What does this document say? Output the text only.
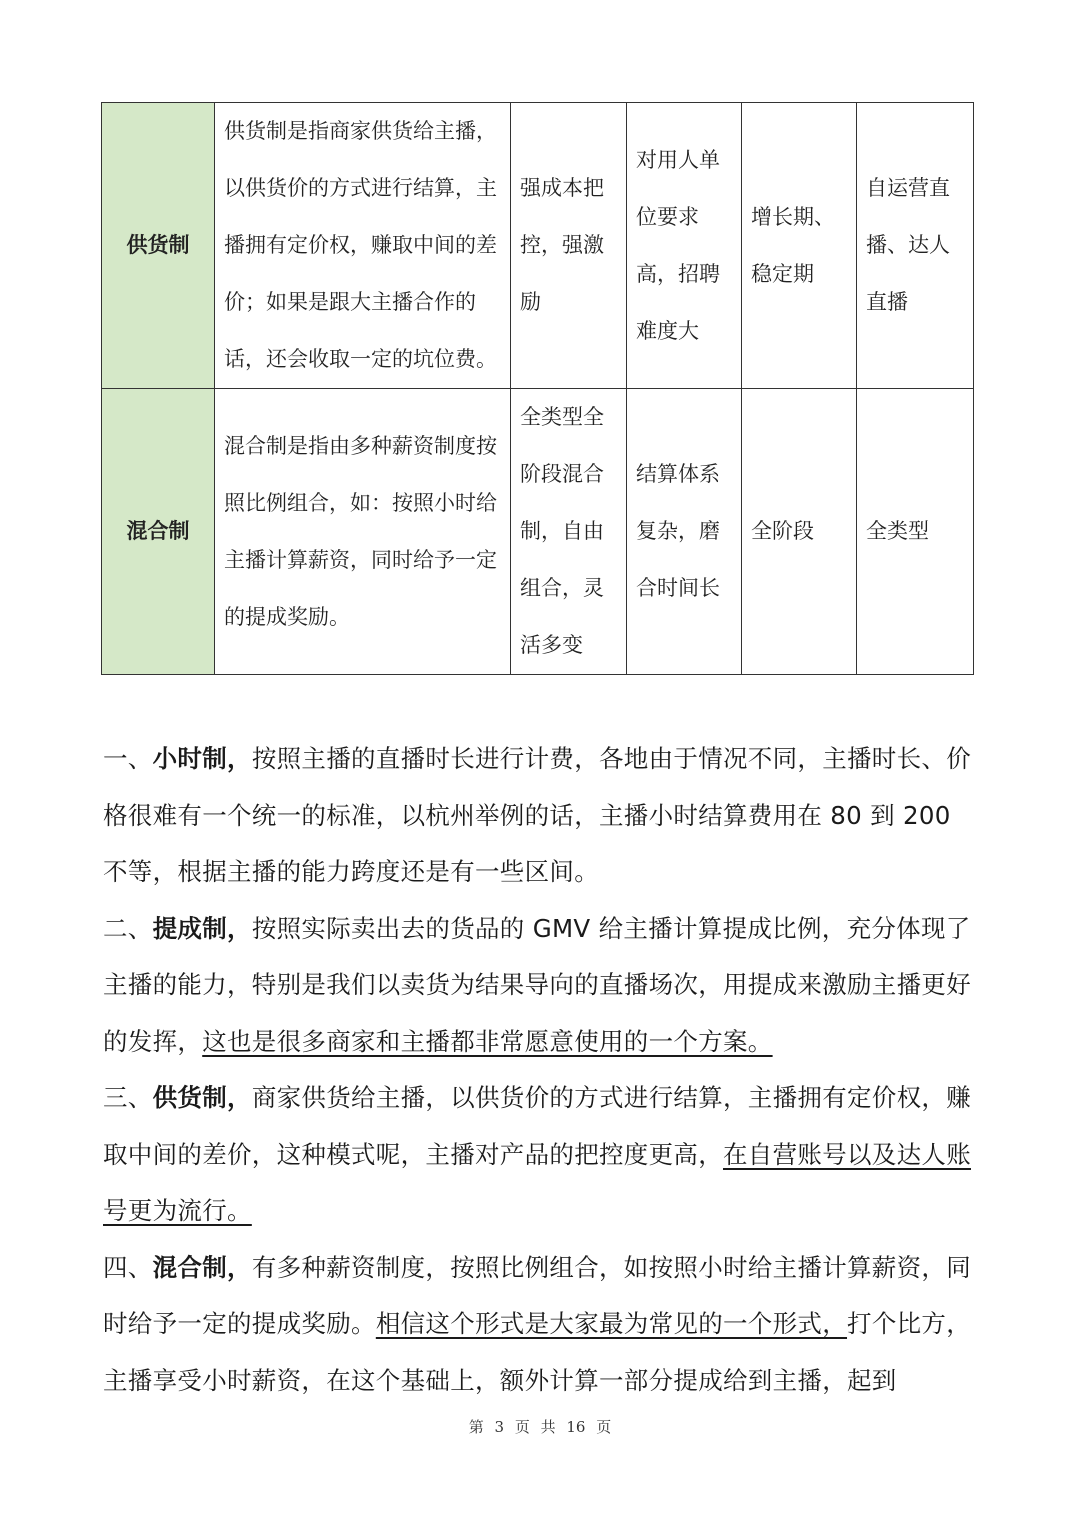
供货制	供货制是指商家供货给主播，以供货价的方式进行结算，主播拥有定价权，赚取中间的差价；如果是跟大主播合作的话，还会收取一定的坑位费。	强成本把控，强激励	对用人单位要求高，招聘难度大	增长期、稳定期	自运营直播、达人直播
混合制	混合制是指由多种薪资制度按照比例组合，如：按照小时给主播计算薪资，同时给予一定的提成奖励。	全类型全阶段混合制，自由组合，灵活多变	结算体系复杂，磨合时间长	全阶段	全类型

一、小时制，按照主播的直播时长进行计费，各地由于情况不同，主播时长、价格很难有一个统一的标准，以杭州举例的话，主播小时结算费用在 80 到 200 不等，根据主播的能力跨度还是有一些区间。

二、提成制，按照实际卖出去的货品的 GMV 给主播计算提成比例，充分体现了主播的能力，特别是我们以卖货为结果导向的直播场次，用提成来激励主播更好的发挥，这也是很多商家和主播都非常愿意使用的一个方案。

三、供货制，商家供货给主播，以供货价的方式进行结算，主播拥有定价权，赚取中间的差价，这种模式呢，主播对产品的把控度更高，在自营账号以及达人账号更为流行。

四、混合制，有多种薪资制度，按照比例组合，如按照小时给主播计算薪资，同时给予一定的提成奖励。相信这个形式是大家最为常见的一个形式，打个比方，主播享受小时薪资，在这个基础上，额外计算一部分提成给到主播，起到

第 3 页 共 16 页
